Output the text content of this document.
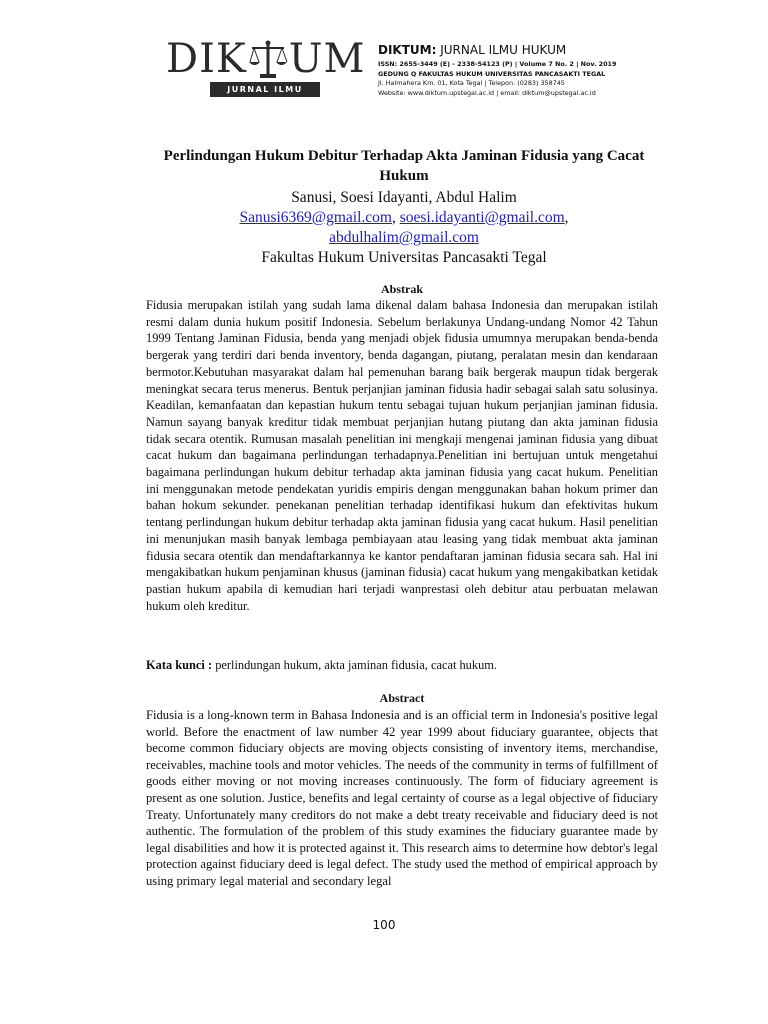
DIK UM
JURNAL ILMU HUKUM
DIKTUM: JURNAL ILMU HUKUM
ISSN: 2655-3449 (E) - 2338-54123 (P) | Volume 7 No. 2 | Nov. 2019
GEDUNG Q FAKULTAS HUKUM UNIVERSITAS PANCASAKTI TEGAL
Jl. Halmahera Km. 01, Kota Tegal | Telepon: (0283) 358745
Website: www.diktum.upstegal.ac.id | email: diktum@upstegal.ac.id
Perlindungan Hukum Debitur Terhadap Akta Jaminan Fidusia yang Cacat Hukum
Sanusi, Soesi Idayanti, Abdul Halim
Sanusi6369@gmail.com, soesi.idayanti@gmail.com,
abdulhalim@gmail.com
Fakultas Hukum Universitas Pancasakti Tegal
Abstrak

Fidusia merupakan istilah yang sudah lama dikenal dalam bahasa Indonesia dan merupakan istilah resmi dalam dunia hukum positif Indonesia. Sebelum berlakunya Undang-undang Nomor 42 Tahun 1999 Tentang Jaminan Fidusia, benda yang menjadi objek fidusia umumnya merupakan benda-benda bergerak yang terdiri dari benda inventory, benda dagangan, piutang, peralatan mesin dan kendaraan bermotor.Kebutuhan masyarakat dalam hal pemenuhan barang baik bergerak maupun tidak bergerak meningkat secara terus menerus. Bentuk perjanjian jaminan fidusia hadir sebagai salah satu solusinya. Keadilan, kemanfaatan dan kepastian hukum tentu sebagai tujuan hukum perjanjian jaminan fidusia. Namun sayang banyak kreditur tidak membuat perjanjian hutang piutang dan akta jaminan fidusia tidak secara otentik. Rumusan masalah penelitian ini mengkaji mengenai jaminan fidusia yang dibuat cacat hukum dan bagaimana perlindungan terhadapnya.Penelitian ini bertujuan untuk mengetahui bagaimana perlindungan hukum debitur terhadap akta jaminan fidusia yang cacat hukum. Penelitian ini menggunakan metode pendekatan yuridis empiris dengan menggunakan bahan hokum primer dan bahan hokum sekunder. penekanan penelitian terhadap identifikasi hukum dan efektivitas hukum tentang perlindungan hukum debitur terhadap akta jaminan fidusia yang cacat hukum. Hasil penelitian ini menunjukan masih banyak lembaga pembiayaan atau leasing yang tidak membuat akta jaminan fidusia secara otentik dan mendaftarkannya ke kantor pendaftaran jaminan fidusia secara sah. Hal ini mengakibatkan hukum penjaminan khusus (jaminan fidusia) cacat hukum yang mengakibatkan ketidak pastian hukum apabila di kemudian hari terjadi wanprestasi oleh debitur atau perbuatan melawan hukum oleh kreditur.

Kata kunci : perlindungan hukum, akta jaminan fidusia, cacat hukum.

Abstract

Fidusia is a long-known term in Bahasa Indonesia and is an official term in Indonesia's positive legal world. Before the enactment of law number 42 year 1999 about fiduciary guarantee, objects that become common fiduciary objects are moving objects consisting of inventory items, merchandise, receivables, machine tools and motor vehicles. The needs of the community in terms of fulfillment of goods either moving or not moving increases continuously. The form of fiduciary agreement is present as one solution. Justice, benefits and legal certainty of course as a legal objective of fiduciary Treaty. Unfortunately many creditors do not make a debt treaty receivable and fiduciary deed is not authentic. The formulation of the problem of this study examines the fiduciary guarantee made by legal disabilities and how it is protected against it. This research aims to determine how debtor's legal protection against fiduciary deed is legal defect. The study used the method of empirical approach by using primary legal material and secondary legal

100
